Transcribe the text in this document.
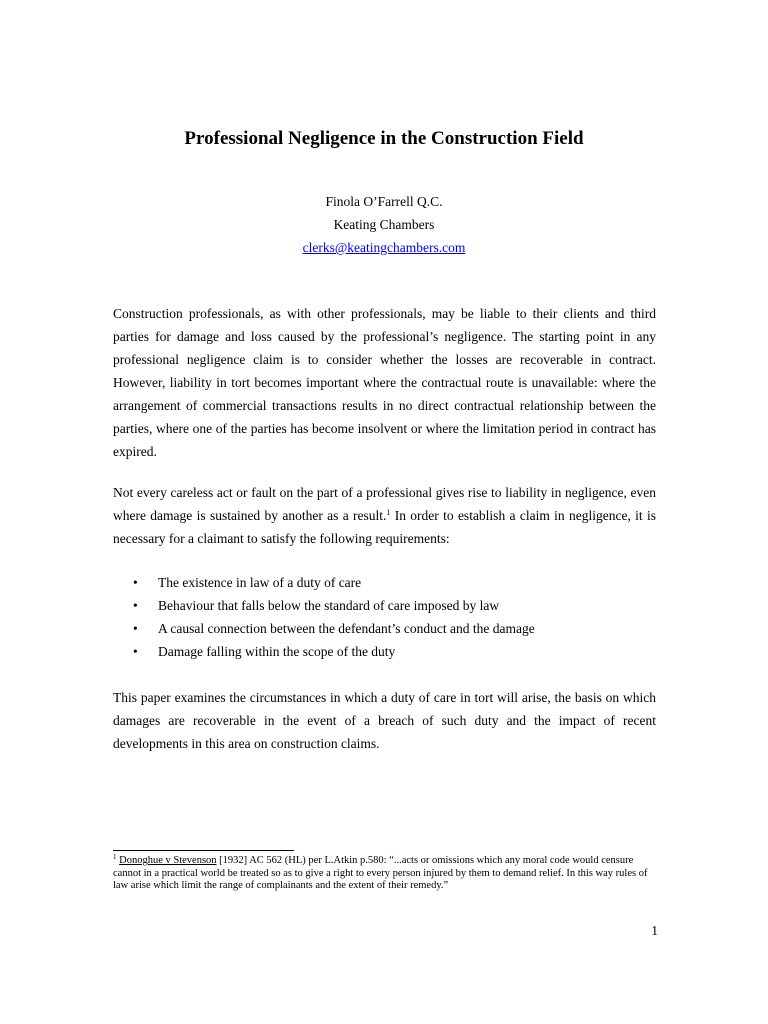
Professional Negligence in the Construction Field
Finola O’Farrell Q.C.
Keating Chambers
clerks@keatingchambers.com

Construction professionals, as with other professionals, may be liable to their clients and third parties for damage and loss caused by the professional’s negligence. The starting point in any professional negligence claim is to consider whether the losses are recoverable in contract. However, liability in tort becomes important where the contractual route is unavailable: where the arrangement of commercial transactions results in no direct contractual relationship between the parties, where one of the parties has become insolvent or where the limitation period in contract has expired.

Not every careless act or fault on the part of a professional gives rise to liability in negligence, even where damage is sustained by another as a result.$^1$ In order to establish a claim in negligence, it is necessary for a claimant to satisfy the following requirements:

• The existence in law of a duty of care
• Behaviour that falls below the standard of care imposed by law
• A causal connection between the defendant’s conduct and the damage
• Damage falling within the scope of the duty

This paper examines the circumstances in which a duty of care in tort will arise, the basis on which damages are recoverable in the event of a breach of such duty and the impact of recent developments in this area on construction claims.

$^1$ Donoghue v Stevenson [1932] AC 562 (HL) per L.Atkin p.580: “...acts or omissions which any moral code would censure cannot in a practical world be treated so as to give a right to every person injured by them to demand relief. In this way rules of law arise which limit the range of complainants and the extent of their remedy.”

1
